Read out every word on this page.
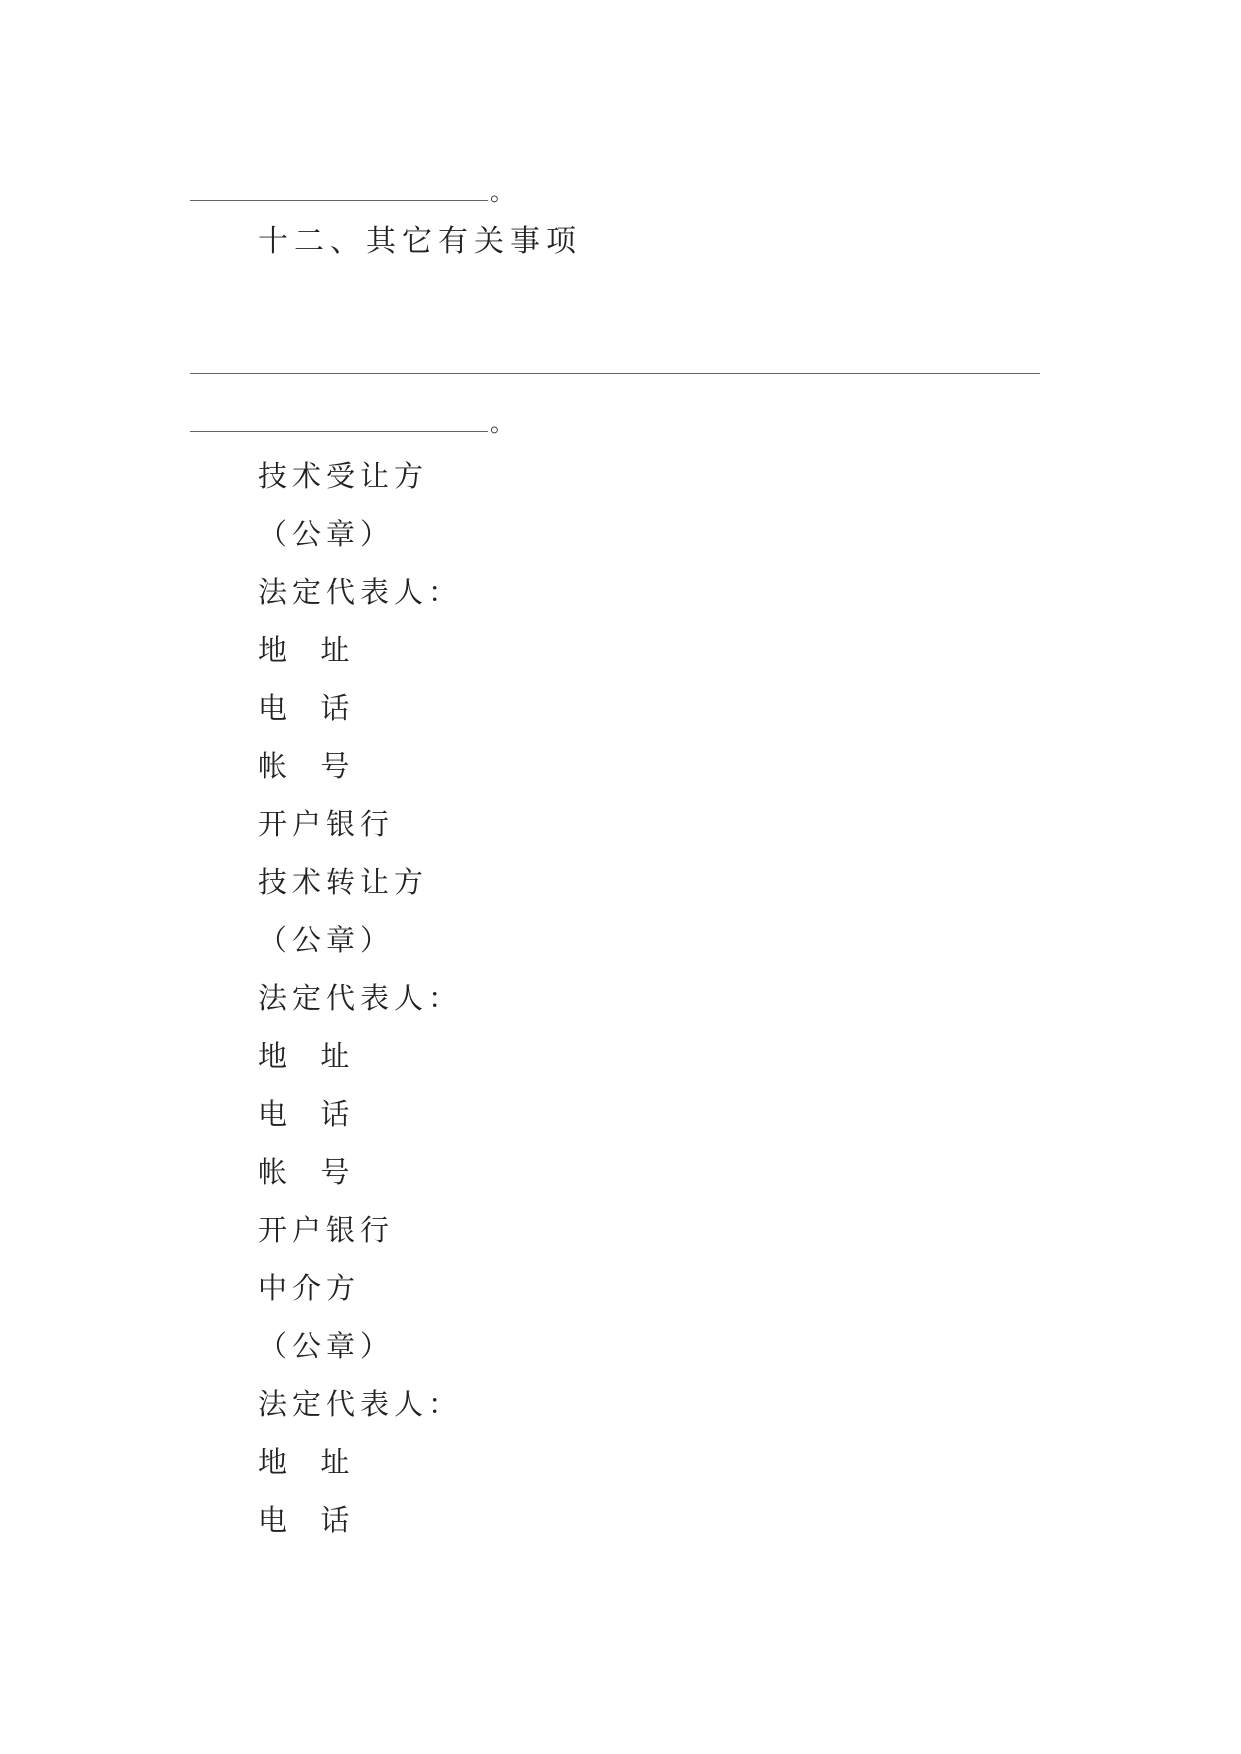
。
十二、其它有关事项
。
技术受让方
（公章）
法定代表人：
地  址
电  话
帐  号
开户银行
技术转让方
（公章）
法定代表人：
地  址
电  话
帐  号
开户银行
中介方
（公章）
法定代表人：
地  址
电  话
